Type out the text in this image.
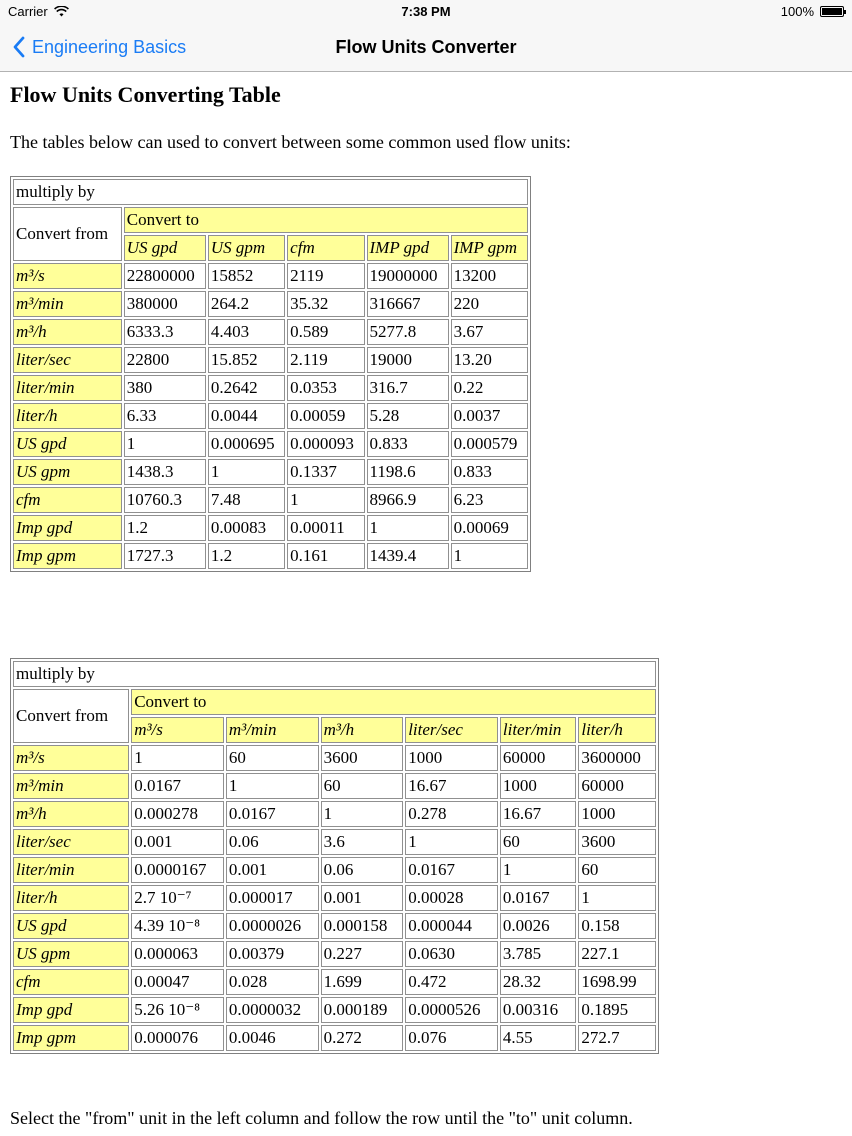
Carrier	7:38 PM	100%
Engineering Basics	Flow Units Converter
Flow Units Converting Table

The tables below can used to convert between some common used flow units:

multiply by					
Convert from	Convert to				
	US gpd	US gpm	cfm	IMP gpd	IMP gpm
m³/s	22800000	15852	2119	19000000	13200
m³/min	380000	264.2	35.32	316667	220
m³/h	6333.3	4.403	0.589	5277.8	3.67
liter/sec	22800	15.852	2.119	19000	13.20
liter/min	380	0.2642	0.0353	316.7	0.22
liter/h	6.33	0.0044	0.00059	5.28	0.0037
US gpd	1	0.000695	0.000093	0.833	0.000579
US gpm	1438.3	1	0.1337	1198.6	0.833
cfm	10760.3	7.48	1	8966.9	6.23
Imp gpd	1.2	0.00083	0.00011	1	0.00069
Imp gpm	1727.3	1.2	0.161	1439.4	1
multiply by						
Convert from	Convert to					
	m³/s	m³/min	m³/h	liter/sec	liter/min	liter/h
m³/s	1	60	3600	1000	60000	3600000
m³/min	0.0167	1	60	16.67	1000	60000
m³/h	0.000278	0.0167	1	0.278	16.67	1000
liter/sec	0.001	0.06	3.6	1	60	3600
liter/min	0.0000167	0.001	0.06	0.0167	1	60
liter/h	2.7 10⁻⁷	0.000017	0.001	0.00028	0.0167	1
US gpd	4.39 10⁻⁸	0.0000026	0.000158	0.000044	0.0026	0.158
US gpm	0.000063	0.00379	0.227	0.0630	3.785	227.1
cfm	0.00047	0.028	1.699	0.472	28.32	1698.99
Imp gpd	5.26 10⁻⁸	0.0000032	0.000189	0.0000526	0.00316	0.1895
Imp gpm	0.000076	0.0046	0.272	0.076	4.55	272.7

Select the "from" unit in the left column and follow the row until the "to" unit column.
